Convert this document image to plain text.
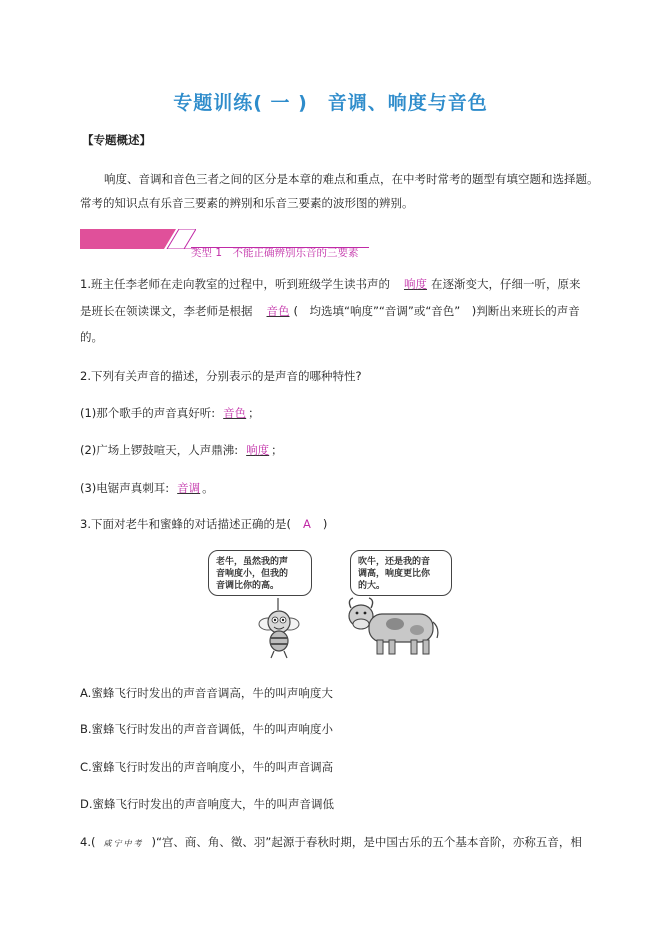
专题训练( 一 )　音调、响度与音色
【专题概述】
响度、音调和音色三者之间的区分是本章的难点和重点，在中考时常考的题型有填空题和选择题。
常考的知识点有乐音三要素的辨别和乐音三要素的波形图的辨别。
类型 1　不能正确辨别乐音的三要素
1.班主任李老师在走向教室的过程中，听到班级学生读书声的 响度 在逐渐变大，仔细一听，原来
是班长在领读课文，李老师是根据 音色 (　均选填“响度”“音调”或“音色”　)判断出来班长的声音
的。
2.下列有关声音的描述，分别表示的是声音的哪种特性?
(1)那个歌手的声音真好听: 音色 ；
(2)广场上锣鼓喧天，人声鼎沸: 响度 ；
(3)电锯声真刺耳: 音调 。
3.下面对老牛和蜜蜂的对话描述正确的是( A )
老牛，虽然我的声
音响度小，但我的
音调比你的高。
吹牛，还是我的音
调高，响度更比你
的大。
A.蜜蜂飞行时发出的声音音调高，牛的叫声响度大
B.蜜蜂飞行时发出的声音音调低，牛的叫声响度小
C.蜜蜂飞行时发出的声音响度小，牛的叫声音调高
D.蜜蜂飞行时发出的声音响度大，牛的叫声音调低
4.( 咸宁中考 )“宫、商、角、徵、羽”起源于春秋时期，是中国古乐的五个基本音阶，亦称五音，相
